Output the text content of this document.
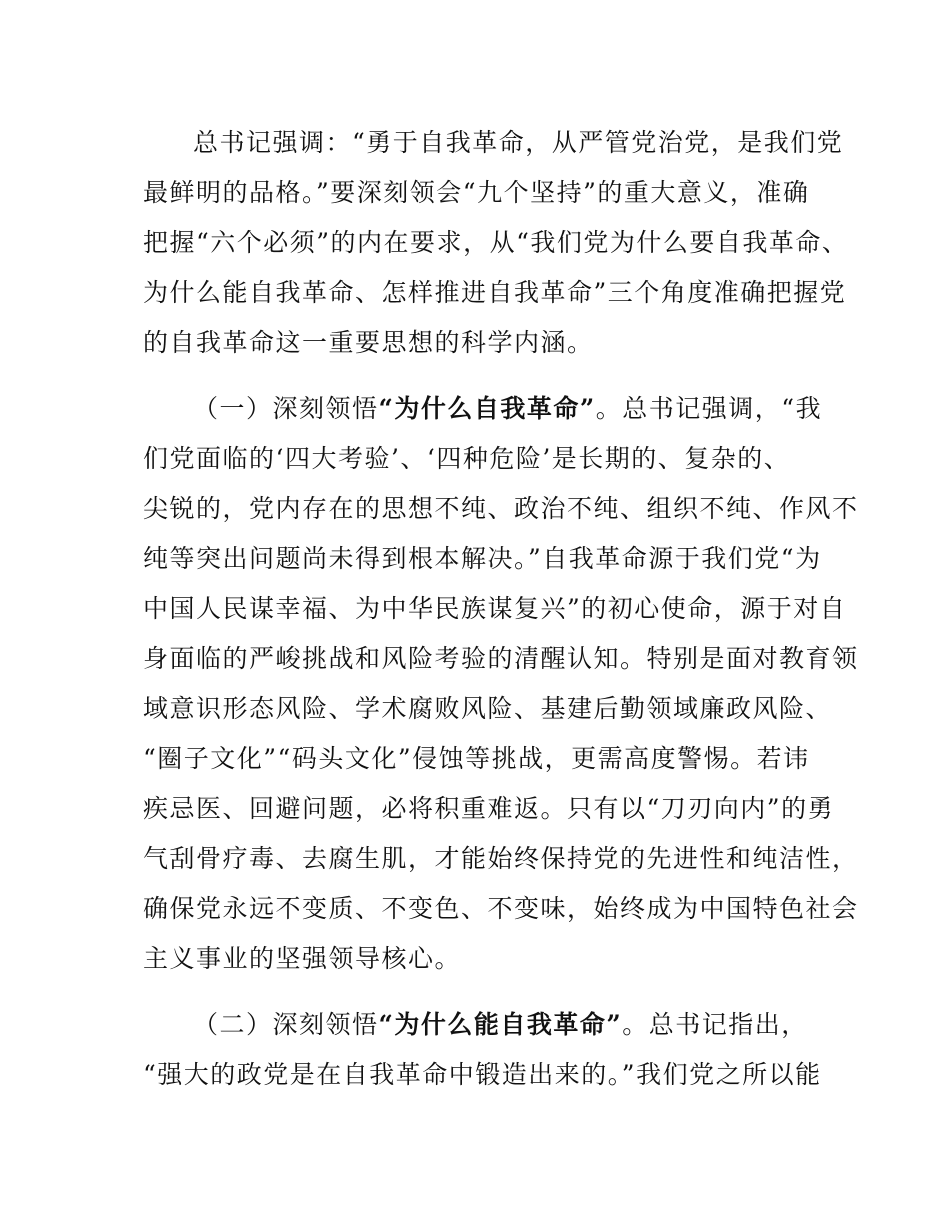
总书记强调：“勇于自我革命，从严管党治党，是我们党

最鲜明的品格。”要深刻领会“九个坚持”的重大意义，准确

把握“六个必须”的内在要求，从“我们党为什么要自我革命、

为什么能自我革命、怎样推进自我革命”三个角度准确把握党

的自我革命这一重要思想的科学内涵。

（一）深刻领悟“为什么自我革命”。总书记强调，“我

们党面临的‘四大考验’、‘四种危险’是长期的、复杂的、

尖锐的，党内存在的思想不纯、政治不纯、组织不纯、作风不

纯等突出问题尚未得到根本解决。”自我革命源于我们党“为

中国人民谋幸福、为中华民族谋复兴”的初心使命，源于对自

身面临的严峻挑战和风险考验的清醒认知。特别是面对教育领

域意识形态风险、学术腐败风险、基建后勤领域廉政风险、

“圈子文化”“码头文化”侵蚀等挑战，更需高度警惕。若讳

疾忌医、回避问题，必将积重难返。只有以“刀刃向内”的勇

气刮骨疗毒、去腐生肌，才能始终保持党的先进性和纯洁性，

确保党永远不变质、不变色、不变味，始终成为中国特色社会

主义事业的坚强领导核心。

（二）深刻领悟“为什么能自我革命”。总书记指出，

“强大的政党是在自我革命中锻造出来的。”我们党之所以能
